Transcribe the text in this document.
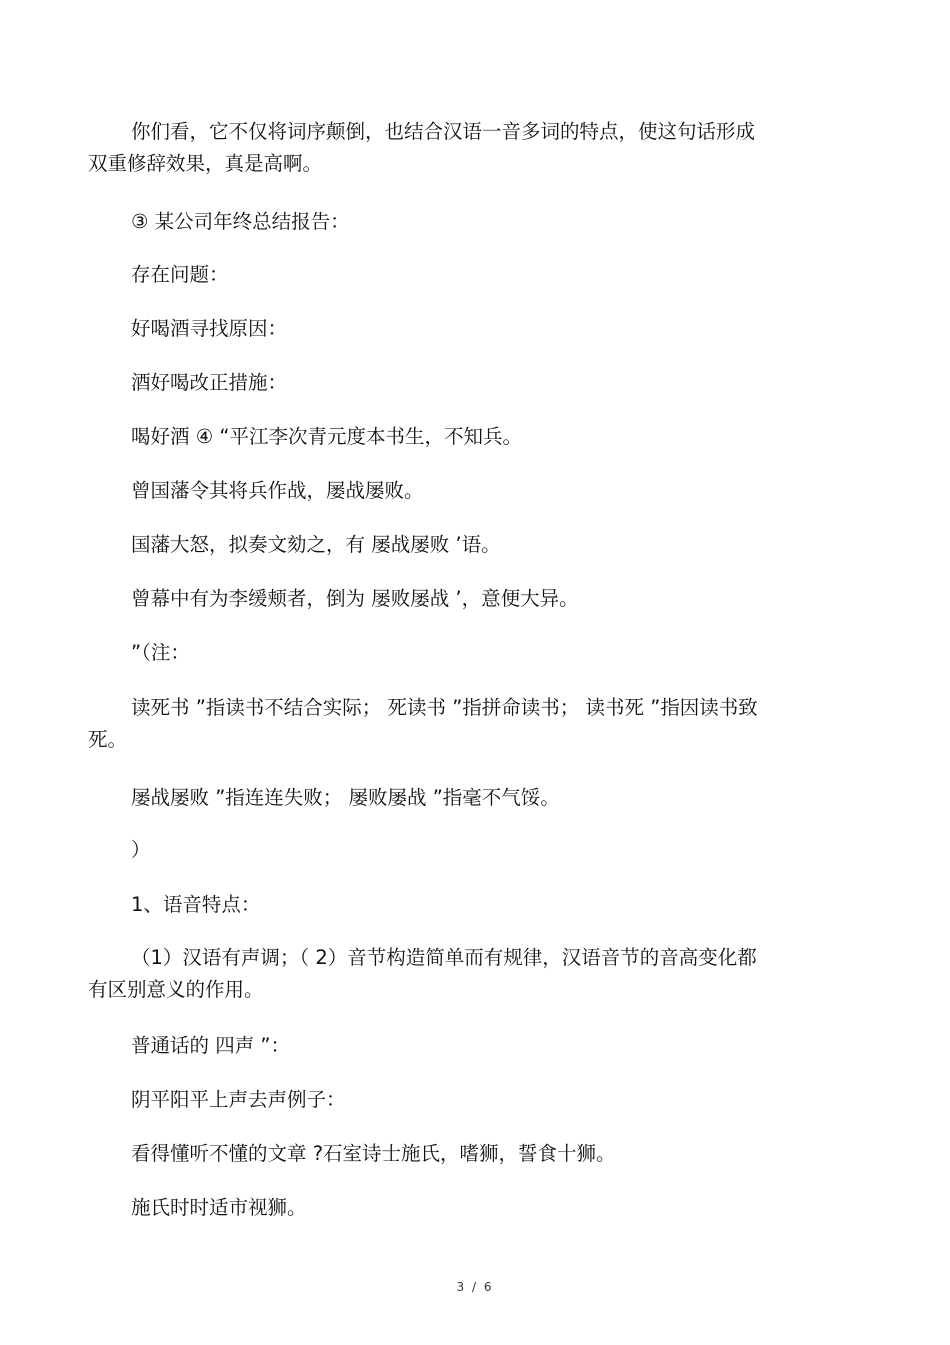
你们看，它不仅将词序颠倒，也结合汉语一音多词的特点，使这句话形成
双重修辞效果，真是高啊。
③ 某公司年终总结报告：
存在问题：
好喝酒寻找原因：
酒好喝改正措施：
喝好酒 ④ “平江李次青元度本书生，不知兵。
曾国藩令其将兵作战，屡战屡败。
国藩大怒，拟奏文劾之，有 屡战屡败 ’语。
曾幕中有为李缓颊者，倒为 屡败屡战 ’，意便大异。
”（注：
读死书 ”指读书不结合实际； 死读书 ”指拼命读书； 读书死 ”指因读书致
死。
屡战屡败 ”指连连失败； 屡败屡战 ”指毫不气馁。
）
1、语音特点：
（1）汉语有声调；（ 2）音节构造简单而有规律，汉语音节的音高变化都
有区别意义的作用。
普通话的 四声 ”：
阴平阳平上声去声例子：
看得懂听不懂的文章 ?石室诗士施氏，嗜狮，誓食十狮。
施氏时时适市视狮。
3 / 6
